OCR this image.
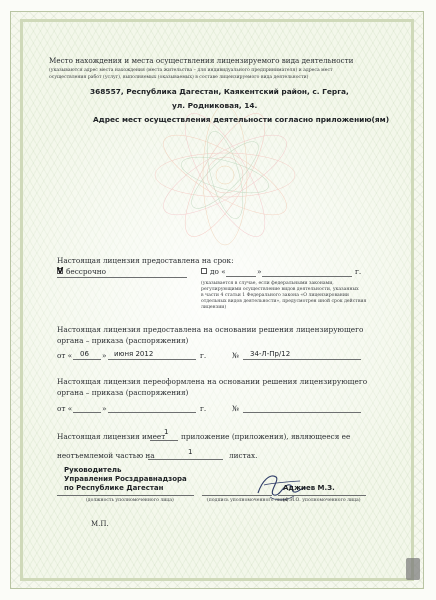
Место нахождения и места осуществления лицензируемого вида деятельности
(указываются адрес места нахождения (места жительства – для индивидуального предпринимателя) и адреса мест
осуществления работ (услуг), выполняемых (оказываемых) в составе лицензируемого вида деятельности)
368557, Республика Дагестан, Каякентский район, с. Герга,
ул. Родниковая, 14.
Адрес мест осуществления деятельности согласно приложению(ям)
Настоящая лицензия предоставлена на срок:
V бессрочно	до «	»	г.
(указывается в случае, если федеральными законами,
регулирующими осуществление видов деятельности, указанных
в части 4 статьи 1 Федерального закона «О лицензировании
отдельных видов деятельности», предусмотрен иной срок действия
лицензии)
Настоящая лицензия предоставлена на основании решения лицензирующего
органа – приказа (распоряжения)
от « 06 » июня 2012	г.	№ 34-Л-Пр/12
Настоящая лицензия переоформлена на основании решения лицензирующего
органа – приказа (распоряжения)
от «	»	г.	№
Настоящая лицензия имеет
1 приложение (приложения), являющееся ее
неотъемлемой частью на	1	листах.
Руководитель
Управления Росздравнадзора
по Республике Дагестан
(должность уполномоченного лица)	(подпись уполномоченного лица)
Аджиев М.З.
(Ф.И.О. уполномоченного лица)
М.П.
